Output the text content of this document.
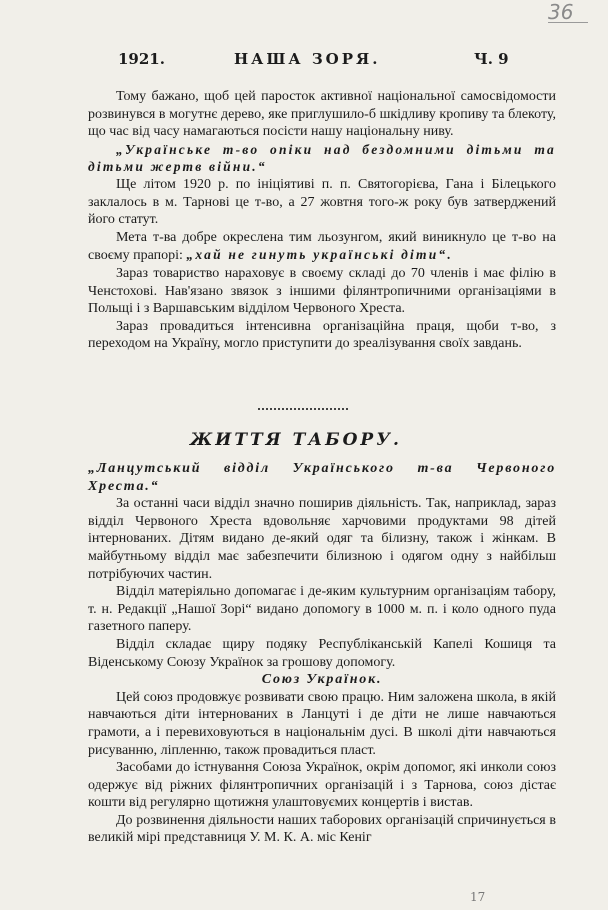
36
1921.	НАША ЗОРЯ.	Ч. 9

Тому бажано, щоб цей паросток активної національної самосвідомости розвинувся в могутнє дерево, яке приглушило-б шкідливу кропиву та блекоту, що час від часу намагаються посісти нашу національну ниву.

„Українське т-во опіки над бездомними дітьми та дітьми жертв війни.“

Ще літом 1920 р. по ініціятиві п. п. Святогорієва, Гана і Білецького заклалось в м. Тарнові це т-во, а 27 жовтня того-ж року був затверджений його статут.

Мета т-ва добре окреслена тим льозунгом, який виникнуло це т-во на своєму прапорі: „хай не гинуть українські діти“.

Зараз товариство нараховує в своєму складі до 70 членів і має філію в Ченстохові. Нав'язано звязок з іншими філянтропичними організаціями в Польщі і з Варшавським відділом Червоного Хреста.

Зараз провадиться інтенсивна організаційна праця, щоби т-во, з переходом на Україну, могло приступити до зреалізування своїх завдань.

ЖИТТЯ ТАБОРУ.

„Ланцутський відділ Українського т-ва Червоного Хреста.“

За останні часи відділ значно поширив діяльність. Так, наприклад, зараз відділ Червоного Хреста вдовольняє харчовими продуктами 98 дітей інтернованих. Дітям видано де-який одяг та білизну, також і жінкам. В майбутньому відділ має забезпечити білизною і одягом одну з найбільш потрібуючих частин.

Відділ матеріяльно допомагає і де-яким культурним організаціям табору, т. н. Редакції „Нашої Зорі“ видано допомогу в 1000 м. п. і коло одного пуда газетного паперу.

Відділ складає щиру подяку Республіканській Капелі Кошиця та Віденському Союзу Українок за грошову допомогу.

Союз Українок.

Цей союз продовжує розвивати свою працю. Ним заложена школа, в якій навчаються діти інтернованих в Ланцуті і де діти не лише навчаються грамоти, а і перевиховуються в національнім дусі. В школі діти навчаються рисуванню, ліпленню, також провадиться пласт.

Засобами до істнування Союза Українок, окрім допомог, які инколи союз одержує від ріжних філянтропичних організацій і з Тарнова, союз дістає кошти від регулярно щотижня улаштовуємих концертів і вистав.

До розвинення діяльности наших таборових організацій спричинується в великій мірі представниця У. М. К. А. міс Кеніг

17
